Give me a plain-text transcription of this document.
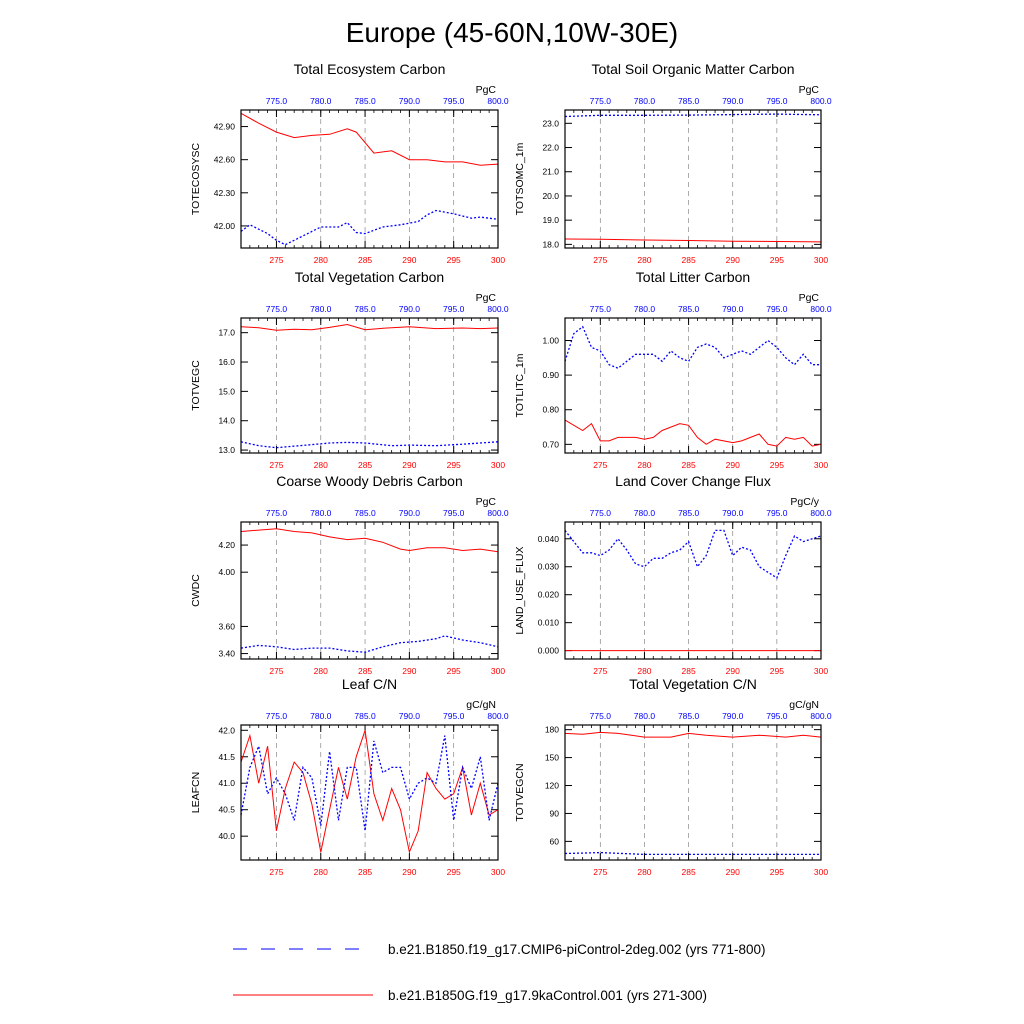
Europe (45-60N,10W-30E)
Total Ecosystem Carbon
PgC
TOTECOSYSC
275	280	285	290	295	300
775.0	780.0	785.0	790.0	795.0	800.0
42.00
42.30
42.60
42.90
Total Soil Organic Matter Carbon
PgC
TOTSOMC_1m
275	280	285	290	295	300
775.0	780.0	785.0	790.0	795.0	800.0
18.0
19.0
20.0
21.0
22.0
23.0
Total Vegetation Carbon
PgC
TOTVEGC
275	280	285	290	295	300
775.0	780.0	785.0	790.0	795.0	800.0
13.0
14.0
15.0
16.0
17.0
Total Litter Carbon
PgC
TOTLITC_1m
275	280	285	290	295	300
775.0	780.0	785.0	790.0	795.0	800.0
0.70
0.80
0.90
1.00
Coarse Woody Debris Carbon
PgC
CWDC
275	280	285	290	295	300
775.0	780.0	785.0	790.0	795.0	800.0
3.40
3.60
4.00
4.20
Land Cover Change Flux
PgC/y
LAND_USE_FLUX
275	280	285	290	295	300
775.0	780.0	785.0	790.0	795.0	800.0
0.000
0.010
0.020
0.030
0.040
Leaf C/N
gC/gN
LEAFCN
275	280	285	290	295	300
775.0	780.0	785.0	790.0	795.0	800.0
40.0
40.5
41.0
41.5
42.0
Total Vegetation C/N
gC/gN
TOTVEGCN
275	280	285	290	295	300
775.0	780.0	785.0	790.0	795.0	800.0
60
90
120
150
180
b.e21.B1850.f19_g17.CMIP6-piControl-2deg.002 (yrs 771-800)
b.e21.B1850G.f19_g17.9kaControl.001 (yrs 271-300)
